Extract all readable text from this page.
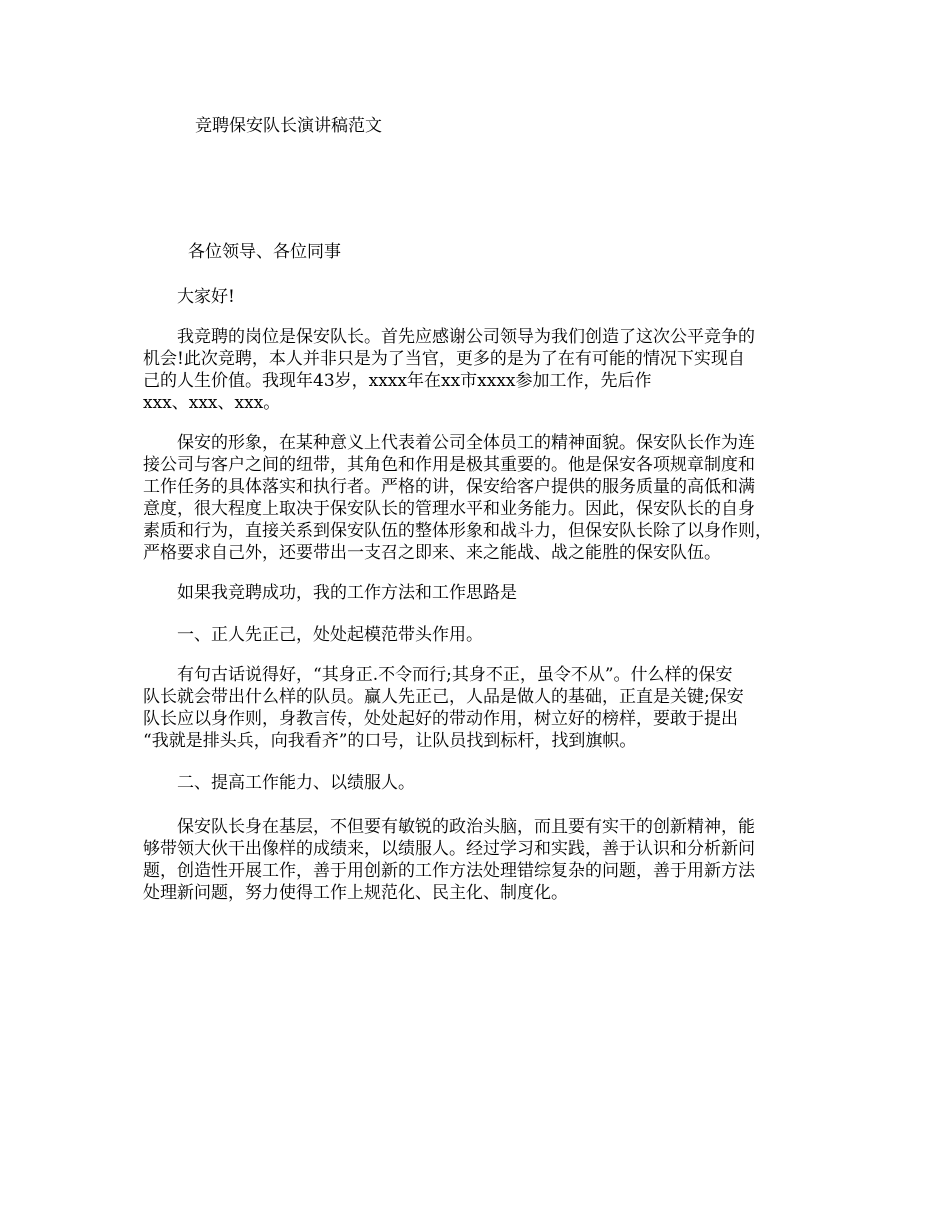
竞聘保安队长演讲稿范文
各位领导、各位同事
大家好!
我竞聘的岗位是保安队长。首先应感谢公司领导为我们创造了这次公平竞争的
机会!此次竞聘，本人并非只是为了当官，更多的是为了在有可能的情况下实现自
己的人生价值。我现年43岁，xxxx年在xx市xxxx参加工作，先后作
xxx、xxx、xxx。
保安的形象，在某种意义上代表着公司全体员工的精神面貌。保安队长作为连
接公司与客户之间的纽带，其角色和作用是极其重要的。他是保安各项规章制度和
工作任务的具体落实和执行者。严格的讲，保安给客户提供的服务质量的高低和满
意度，很大程度上取决于保安队长的管理水平和业务能力。因此，保安队长的自身
素质和行为，直接关系到保安队伍的整体形象和战斗力，但保安队长除了以身作则，
严格要求自己外，还要带出一支召之即来、来之能战、战之能胜的保安队伍。
如果我竞聘成功，我的工作方法和工作思路是
一、正人先正己，处处起模范带头作用。
有句古话说得好，“其身正.不令而行;其身不正，虽令不从”。什么样的保安
队长就会带出什么样的队员。赢人先正己，人品是做人的基础，正直是关键;保安
队长应以身作则，身教言传，处处起好的带动作用，树立好的榜样，要敢于提出
“我就是排头兵，向我看齐”的口号，让队员找到标杆，找到旗帜。
二、提高工作能力、以绩服人。
保安队长身在基层，不但要有敏锐的政治头脑，而且要有实干的创新精神，能
够带领大伙干出像样的成绩来，以绩服人。经过学习和实践，善于认识和分析新问
题，创造性开展工作，善于用创新的工作方法处理错综复杂的问题，善于用新方法
处理新问题，努力使得工作上规范化、民主化、制度化。
